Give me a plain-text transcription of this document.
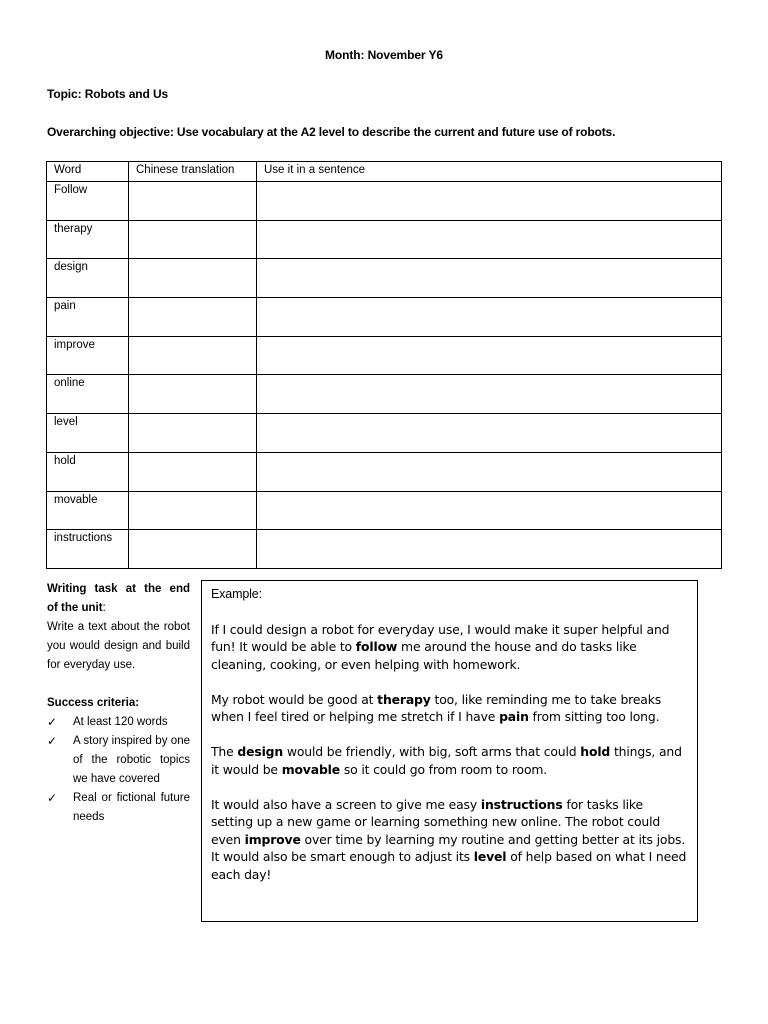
Month: November Y6
Topic: Robots and Us
Overarching objective: Use vocabulary at the A2 level to describe the current and future use of robots.
Word	Chinese translation	Use it in a sentence
Follow		
therapy		
design		
pain		
improve		
online		
level		
hold		
movable		
instructions		

Writing task at the end

of the unit:

Write a text about the robot you would design and build for everyday use.

Success criteria:

✓ At least 120 words
✓ A story inspired by one of the robotic topics we have covered
✓ Real or fictional future needs

Example:

If I could design a robot for everyday use, I would make it super helpful and fun! It would be able to follow me around the house and do tasks like cleaning, cooking, or even helping with homework.

My robot would be good at therapy too, like reminding me to take breaks when I feel tired or helping me stretch if I have pain from sitting too long.

The design would be friendly, with big, soft arms that could hold things, and it would be movable so it could go from room to room.

It would also have a screen to give me easy instructions for tasks like setting up a new game or learning something new online. The robot could even improve over time by learning my routine and getting better at its jobs. It would also be smart enough to adjust its level of help based on what I need each day!
